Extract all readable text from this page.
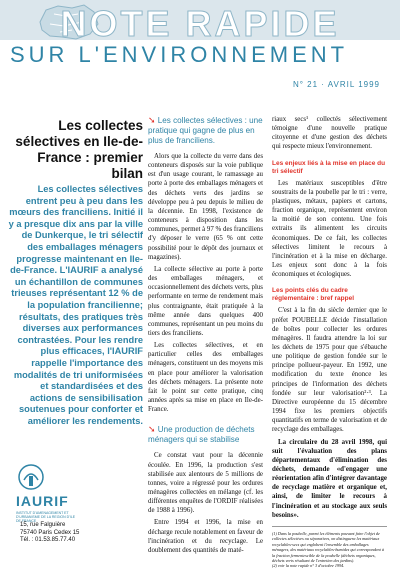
NOTE RAPIDE
SUR L'ENVIRONNEMENT
N° 21 · AVRIL 1999
Les collectes sélectives en Ile-de-France : premier bilan
Les collectes sélectives entrent peu à peu dans les mœurs des franciliens. Initié il y a presque dix ans par la ville de Dunkerque, le tri sélectif des emballages ménagers progresse maintenant en Ile-de-France. L'IAURIF a analysé un échantillon de communes trieuses représentant 12 % de la population francilienne; résultats, des pratiques très diverses aux performances contrastées. Pour les rendre plus efficaces, l'IAURIF rappelle l'importance des modalités de tri uniformisées et standardisées et des actions de sensibilisation soutenues pour conforter et améliorer les rendements.
IAURIF
INSTITUT D'AMENAGEMENT ET D'URBANISME DE LA REGION D'ILE DE FRANCE
15, rue Falguière
75740 Paris Cedex 15
Tél. : 01.53.85.77.40
➘ Les collectes sélectives : une pratique qui gagne de plus en plus de franciliens.

Alors que la collecte du verre dans des conteneurs disposés sur la voie publique est d'un usage courant, le ramassage au porte à porte des emballages ménagers et des déchets verts des jardins se développe peu à peu depuis le milieu de la décennie. En 1998, l'existence de conteneurs à disposition dans les communes, permet à 97 % des franciliens d'y déposer le verre (65 % ont cette possibilité pour le dépôt des journaux et magazines).

La collecte sélective au porte à porte des emballages ménagers, et occasionnellement des déchets verts, plus performante en terme de rendement mais plus contraignante, était pratiquée à la même année dans quelques 400 communes, représentant un peu moins du tiers des franciliens.

Les collectes sélectives, et en particulier celles des emballages ménagers, constituent un des moyens mis en place pour améliorer la valorisation des déchets ménagers. La présente note fait le point sur cette pratique, cinq années après sa mise en place en Ile-de-France.

➘ Une production de déchets ménagers qui se stabilise

Ce constat vaut pour la décennie écoulée. En 1996, la production s'est stabilisée aux alentours de 5 millions de tonnes, voire a régressé pour les ordures ménagères collectées en mélange (cf. les différentes enquêtes de l'ORDIF réalisées de 1988 à 1996).

Entre 1994 et 1996, la mise en décharge recule notablement en faveur de l'incinération et du recyclage. Le doublement des quantités de maté-

riaux secs¹ collectés sélectivement témoigne d'une nouvelle pratique citoyenne et d'une gestion des déchets qui respecte mieux l'environnement.

Les enjeux liés à la mise en place du tri sélectif

Les matériaux susceptibles d'être soustraits de la poubelle par le tri : verre, plastiques, métaux, papiers et cartons, fraction organique, représentent environ la moitié de son contenu. Une fois extraits ils alimentent les circuits économiques. De ce fait, les collectes sélectives limitent le recours à l'incinération et à la mise en décharge. Les enjeux sont donc à la fois économiques et écologiques.

Les points clés du cadre réglementaire : bref rappel

C'est à la fin du siècle dernier que le préfet POUBELLE décide l'installation de boîtes pour collecter les ordures ménagères. Il faudra attendre la loi sur les déchets de 1975 pour que s'ébauche une politique de gestion fondée sur le principe pollueur-payeur. En 1992, une modification du texte énonce les principes de l'information des déchets fondée sur leur valorisation²·³. La Directive européenne du 15 décembre 1994 fixe les premiers objectifs quantitatifs en terme de valorisation et de recyclage des emballages.

La circulaire du 28 avril 1998, qui suit l'évaluation des plans départementaux d'élimination des déchets, demande «d'engager une réorientation afin d'intégrer davantage de recyclage matière et organique et, ainsi, de limiter le recours à l'incinération et au stockage aux seuls besoins».

(1) Dans la poubelle, parmi les éléments pouvant faire l'objet de collectes sélectives ou séparatives, on distinguera les matériaux recyclables-secs qui englobent l'ensemble des emballages ménagers, des matériaux recyclables-humides qui correspondent à la fraction fermentescible de la poubelle (déchets organiques, déchets verts résultant de l'entretien des jardins).
(2) voir la note rapide n° 3 d'octobre 1994.
